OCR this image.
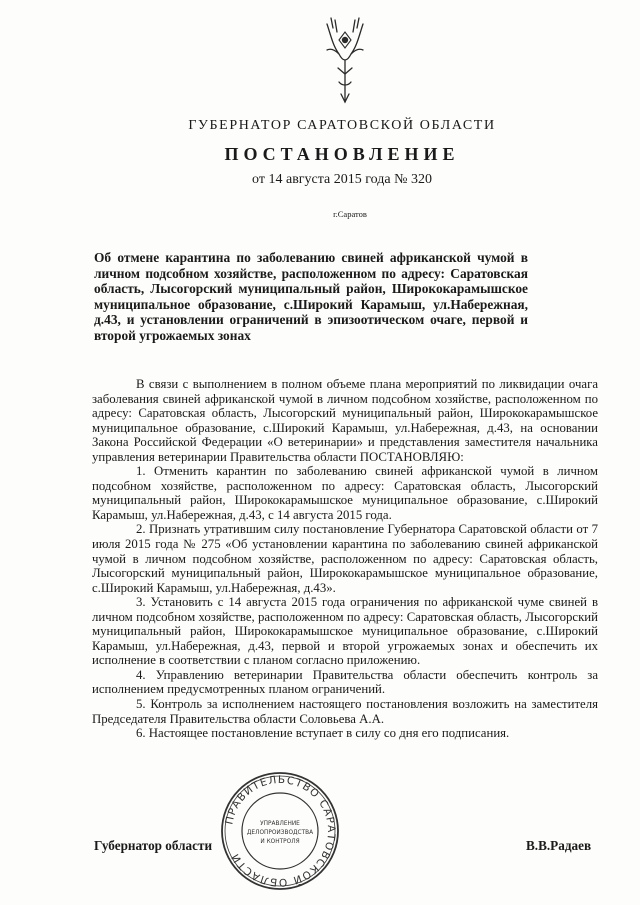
ГУБЕРНАТОР САРАТОВСКОЙ ОБЛАСТИ
ПОСТАНОВЛЕНИЕ
от 14 августа 2015 года № 320
г.Саратов
Об отмене карантина по заболеванию свиней африканской чумой в личном подсобном хозяйстве, расположенном по адресу: Саратовская область, Лысогорский муниципальный район, Ширококарамышское муниципальное образование, с.Широкий Карамыш, ул.Набережная, д.43, и установлении ограничений в эпизоотическом очаге, первой и второй угрожаемых зонах

В связи с выполнением в полном объеме плана мероприятий по ликвидации очага заболевания свиней африканской чумой в личном подсобном хозяйстве, расположенном по адресу: Саратовская область, Лысогорский муниципальный район, Ширококарамышское муниципальное образование, с.Широкий Карамыш, ул.Набережная, д.43, на основании Закона Российской Федерации «О ветеринарии» и представления заместителя начальника управления ветеринарии Правительства области ПОСТАНОВЛЯЮ:

1. Отменить карантин по заболеванию свиней африканской чумой в личном подсобном хозяйстве, расположенном по адресу: Саратовская область, Лысогорский муниципальный район, Ширококарамышское муниципальное образование, с.Широкий Карамыш, ул.Набережная, д.43, с 14 августа 2015 года.

2. Признать утратившим силу постановление Губернатора Саратовской области от 7 июля 2015 года № 275 «Об установлении карантина по заболеванию свиней африканской чумой в личном подсобном хозяйстве, расположенном по адресу: Саратовская область, Лысогорский муниципальный район, Ширококарамышское муниципальное образование, с.Широкий Карамыш, ул.Набережная, д.43».

3. Установить с 14 августа 2015 года ограничения по африканской чуме свиней в личном подсобном хозяйстве, расположенном по адресу: Саратовская область, Лысогорский муниципальный район, Ширококарамышское муниципальное образование, с.Широкий Карамыш, ул.Набережная, д.43, первой и второй угрожаемых зонах и обеспечить их исполнение в соответствии с планом согласно приложению.

4. Управлению ветеринарии Правительства области обеспечить контроль за исполнением предусмотренных планом ограничений.

5. Контроль за исполнением настоящего постановления возложить на заместителя Председателя Правительства области Соловьева А.А.

6. Настоящее постановление вступает в силу со дня его подписания.

Губернатор области	В.В.Радаев
ПРАВИТЕЛЬСТВО САРАТОВСКОЙ ОБЛАСТИ
УПРАВЛЕНИЕ
ДЕЛОПРОИЗВОДСТВА
И КОНТРОЛЯ
